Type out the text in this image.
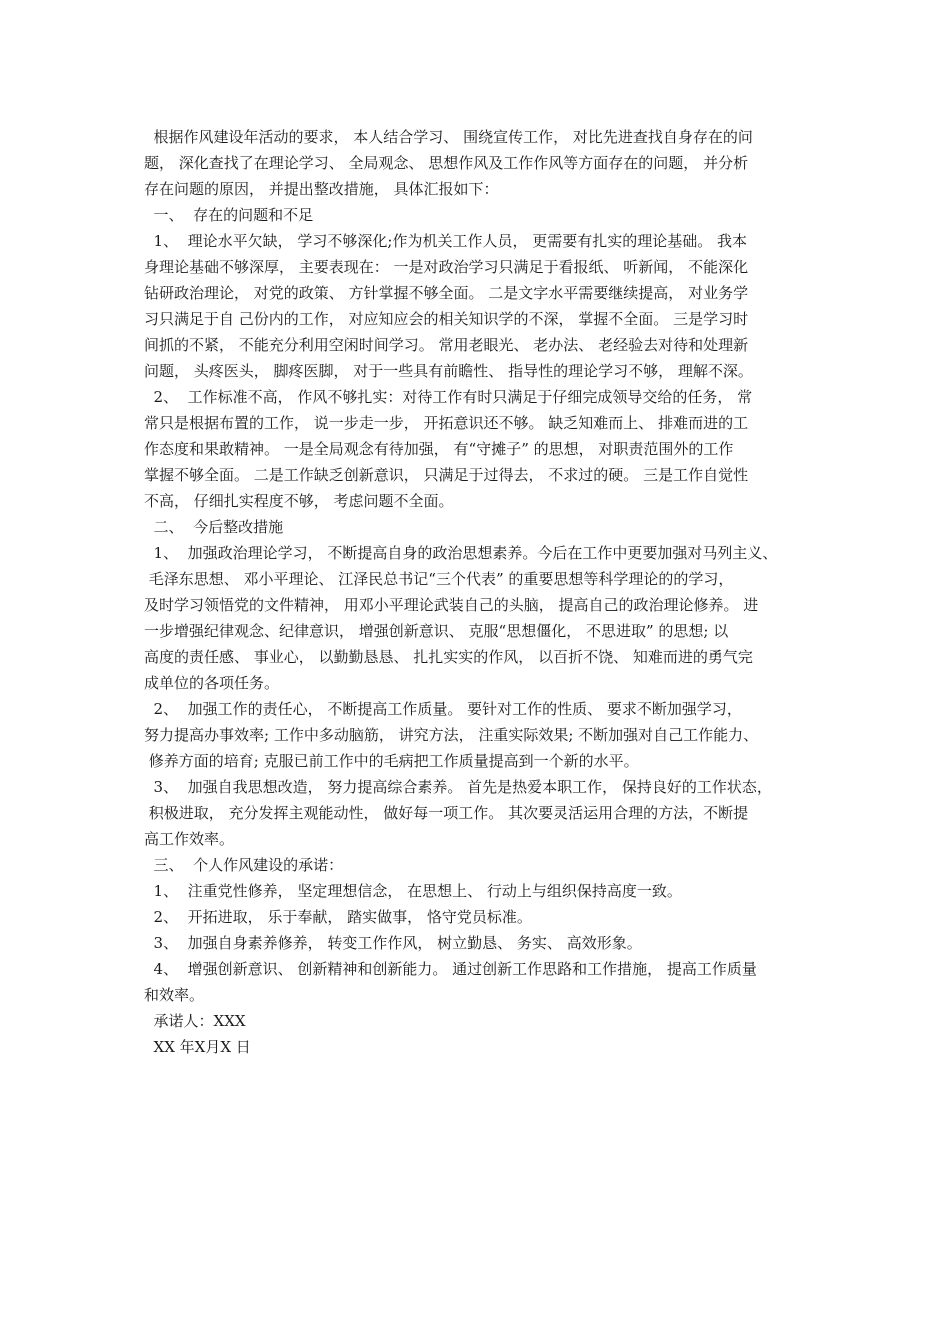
根据作风建设年活动的要求， 本人结合学习、 围绕宣传工作， 对比先进查找自身存在的问
题， 深化查找了在理论学习、 全局观念、 思想作风及工作作风等方面存在的问题， 并分析
存在问题的原因， 并提出整改措施， 具体汇报如下：
一、  存在的问题和不足
1、  理论水平欠缺， 学习不够深化;作为机关工作人员， 更需要有扎实的理论基础。 我本
身理论基础不够深厚， 主要表现在： 一是对政治学习只满足于看报纸、 听新闻， 不能深化
钻研政治理论， 对党的政策、 方针掌握不够全面。 二是文字水平需要继续提高， 对业务学
习只满足于自 己份内的工作， 对应知应会的相关知识学的不深， 掌握不全面。 三是学习时
间抓的不紧， 不能充分利用空闲时间学习。 常用老眼光、 老办法、 老经验去对待和处理新
问题， 头疼医头， 脚疼医脚， 对于一些具有前瞻性、 指导性的理论学习不够， 理解不深。
2、  工作标准不高， 作风不够扎实：对待工作有时只满足于仔细完成领导交给的任务， 常
常只是根据布置的工作， 说一步走一步， 开拓意识还不够。 缺乏知难而上、 排难而进的工
作态度和果敢精神。 一是全局观念有待加强， 有“守摊子” 的思想， 对职责范围外的工作
掌握不够全面。 二是工作缺乏创新意识， 只满足于过得去， 不求过的硬。 三是工作自觉性
不高， 仔细扎实程度不够， 考虑问题不全面。
二、  今后整改措施
1、  加强政治理论学习， 不断提高自身的政治思想素养。今后在工作中更要加强对马列主义、
毛泽东思想、 邓小平理论、 江泽民总书记“三个代表” 的重要思想等科学理论的的学习，
及时学习领悟党的文件精神， 用邓小平理论武装自己的头脑， 提高自己的政治理论修养。 进
一步增强纪律观念、纪律意识， 增强创新意识、 克服“思想僵化， 不思进取” 的思想; 以
高度的责任感、 事业心， 以勤勤恳恳、 扎扎实实的作风， 以百折不饶、 知难而进的勇气完
成单位的各项任务。
2、  加强工作的责任心， 不断提高工作质量。 要针对工作的性质、 要求不断加强学习，
努力提高办事效率; 工作中多动脑筋， 讲究方法， 注重实际效果; 不断加强对自己工作能力、
修养方面的培育; 克服已前工作中的毛病把工作质量提高到一个新的水平。
3、  加强自我思想改造， 努力提高综合素养。 首先是热爱本职工作， 保持良好的工作状态，
积极进取， 充分发挥主观能动性， 做好每一项工作。 其次要灵活运用合理的方法，不断提
高工作效率。
三、  个人作风建设的承诺：
1、  注重党性修养， 坚定理想信念， 在思想上、 行动上与组织保持高度一致。
2、  开拓进取， 乐于奉献， 踏实做事， 恪守党员标准。
3、  加强自身素养修养， 转变工作作风， 树立勤恳、 务实、 高效形象。
4、  增强创新意识、 创新精神和创新能力。 通过创新工作思路和工作措施， 提高工作质量
和效率。
承诺人：XXX
XX 年X月X 日
